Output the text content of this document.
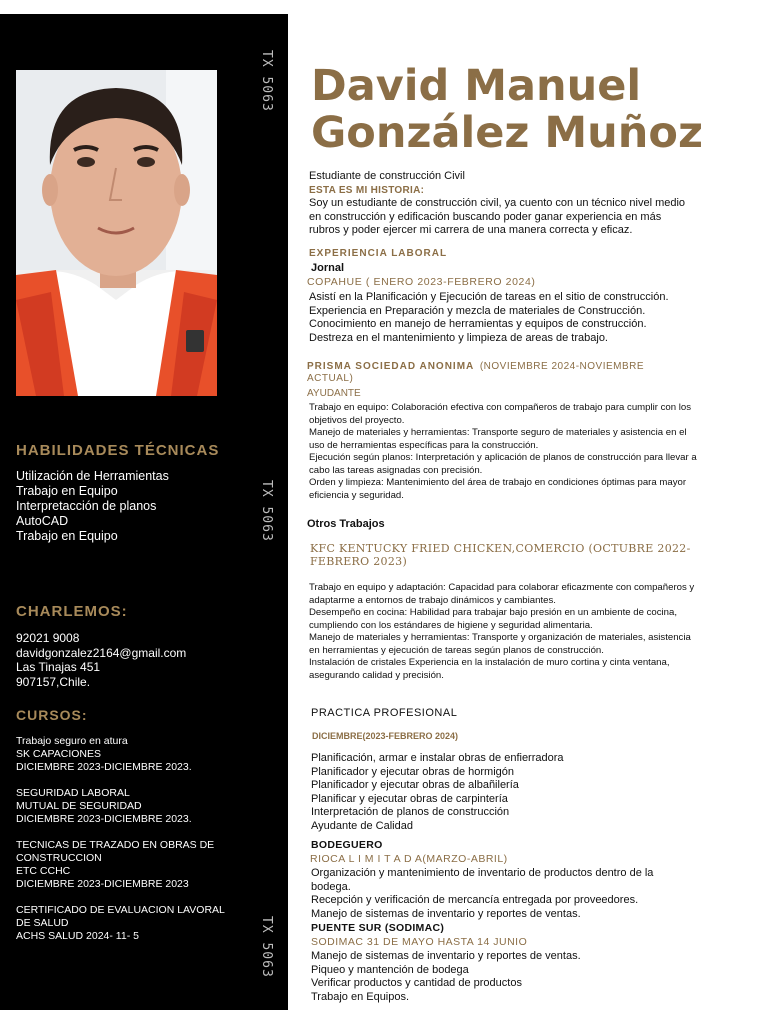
TX 5063
TX 5063
TX 5063
HABILIDADES TÉCNICAS
Utilización de Herramientas
Trabajo en Equipo
Interpretacción de planos
AutoCAD
Trabajo en Equipo
CHARLEMOS:
92021 9008
davidgonzalez2164@gmail.com
Las Tinajas 451
907157,Chile.
CURSOS:
Trabajo seguro en atura
SK CAPACIONES
DICIEMBRE 2023-DICIEMBRE 2023.
SEGURIDAD LABORAL
MUTUAL DE SEGURIDAD
DICIEMBRE 2023-DICIEMBRE 2023.
TECNICAS DE TRAZADO EN OBRAS DE
CONSTRUCCION
ETC CCHC
DICIEMBRE 2023-DICIEMBRE 2023
CERTIFICADO DE EVALUACION LAVORAL
DE SALUD
ACHS SALUD 2024- 11- 5
David Manuel
González Muñoz
Estudiante de construcción Civil
ESTA ES MI HISTORIA:
Soy un estudiante de construcción civil, ya cuento con un técnico nivel medio
en construcción y edificación buscando poder ganar experiencia en más
rubros y poder ejercer mi carrera de una manera correcta y eficaz.
EXPERIENCIA LABORAL
Jornal
COPAHUE ( ENERO 2023-FEBRERO 2024)
Asistí en la Planificación y Ejecución de tareas en el sitio de construcción.
Experiencia en Preparación y mezcla de materiales de Construcción.
Conocimiento en manejo de herramientas y equipos de construcción.
Destreza en el mantenimiento y limpieza de areas de trabajo.
PRISMA SOCIEDAD ANONIMA (NOVIEMBRE 2024-NOVIEMBRE
ACTUAL)
AYUDANTE
Trabajo en equipo: Colaboración efectiva con compañeros de trabajo para cumplir con los
objetivos del proyecto.
Manejo de materiales y herramientas: Transporte seguro de materiales y asistencia en el
uso de herramientas específicas para la construcción.
Ejecución según planos: Interpretación y aplicación de planos de construcción para llevar a
cabo las tareas asignadas con precisión.
Orden y limpieza: Mantenimiento del área de trabajo en condiciones óptimas para mayor
eficiencia y seguridad.
Otros Trabajos
KFC KENTUCKY FRIED CHICKEN,COMERCIO (OCTUBRE 2022-
FEBRERO 2023)
Trabajo en equipo y adaptación: Capacidad para colaborar eficazmente con compañeros y
adaptarme a entornos de trabajo dinámicos y cambiantes.
Desempeño en cocina: Habilidad para trabajar bajo presión en un ambiente de cocina,
cumpliendo con los estándares de higiene y seguridad alimentaria.
Manejo de materiales y herramientas: Transporte y organización de materiales, asistencia
en herramientas y ejecución de tareas según planos de construcción.
Instalación de cristales Experiencia en la instalación de muro cortina y cinta ventana,
asegurando calidad y precisión.
PRACTICA PROFESIONAL
DICIEMBRE(2023-FEBRERO 2024)
Planificación, armar e instalar obras de enfierradora
Planificador y ejecutar obras de hormigón
Planificador y ejecutar obras de albañilería
Planificar y ejecutar obras de carpintería
Interpretación de planos de construcción
Ayudante de Calidad
BODEGUERO
RIOCA L I M I T A D A(MARZO-ABRIL)
Organización y mantenimiento de inventario de productos dentro de la
bodega.
Recepción y verificación de mercancía entregada por proveedores.
Manejo de sistemas de inventario y reportes de ventas.
PUENTE SUR (SODIMAC)
SODIMAC 31 DE MAYO HASTA 14 JUNIO
Manejo de sistemas de inventario y reportes de ventas.
Piqueo y mantención de bodega
Verificar productos y cantidad de productos
Trabajo en Equipos.
